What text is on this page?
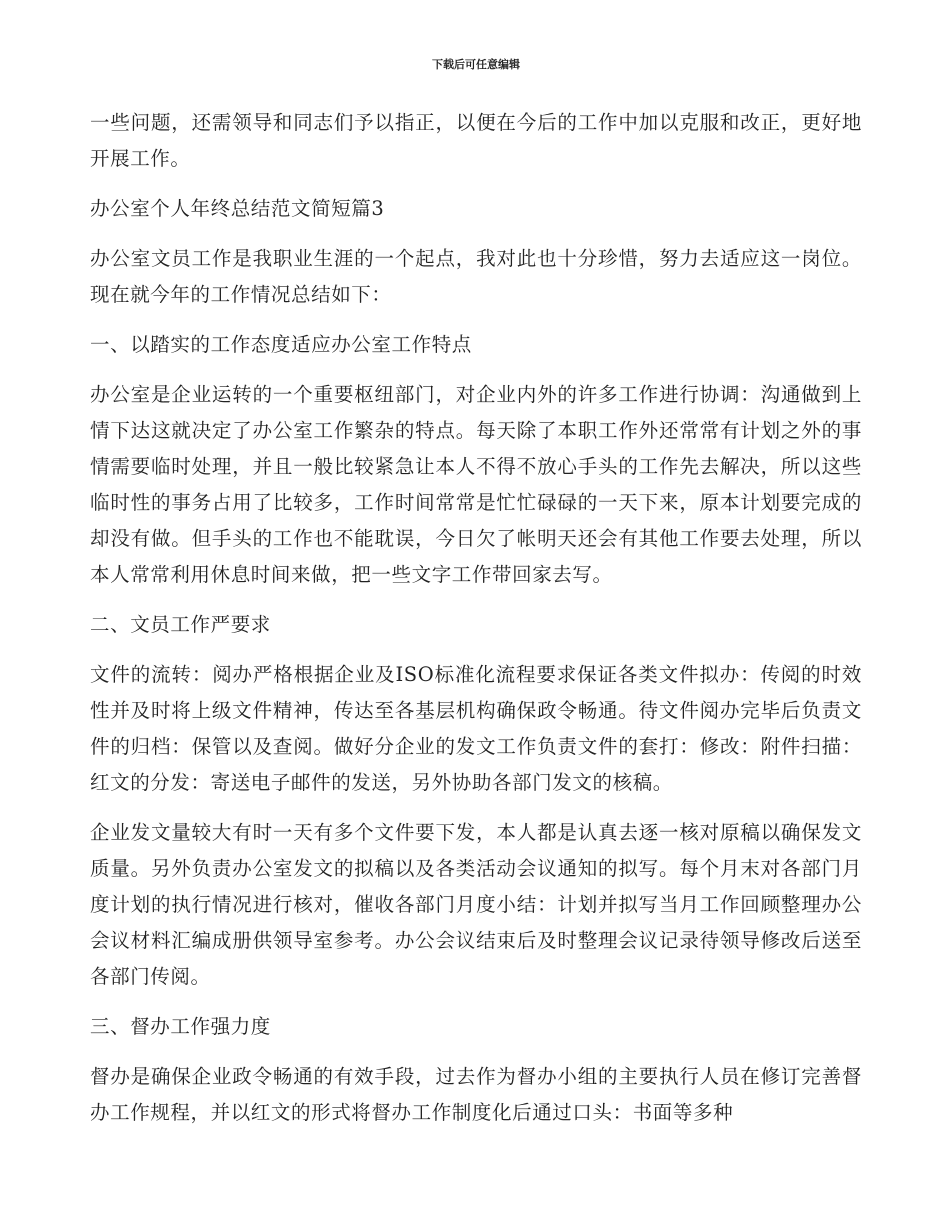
下载后可任意编辑

一些问题，还需领导和同志们予以指正，以便在今后的工作中加以克服和改正，更好地开展工作。

办公室个人年终总结范文简短篇3

办公室文员工作是我职业生涯的一个起点，我对此也十分珍惜，努力去适应这一岗位。现在就今年的工作情况总结如下：

一、以踏实的工作态度适应办公室工作特点

办公室是企业运转的一个重要枢纽部门，对企业内外的许多工作进行协调：沟通做到上情下达这就决定了办公室工作繁杂的特点。每天除了本职工作外还常常有计划之外的事情需要临时处理，并且一般比较紧急让本人不得不放心手头的工作先去解决，所以这些临时性的事务占用了比较多，工作时间常常是忙忙碌碌的一天下来，原本计划要完成的却没有做。但手头的工作也不能耽误，今日欠了帐明天还会有其他工作要去处理，所以本人常常利用休息时间来做，把一些文字工作带回家去写。

二、文员工作严要求

文件的流转：阅办严格根据企业及ISO标准化流程要求保证各类文件拟办：传阅的时效性并及时将上级文件精神，传达至各基层机构确保政令畅通。待文件阅办完毕后负责文件的归档：保管以及查阅。做好分企业的发文工作负责文件的套打：修改：附件扫描：红文的分发：寄送电子邮件的发送，另外协助各部门发文的核稿。

企业发文量较大有时一天有多个文件要下发，本人都是认真去逐一核对原稿以确保发文质量。另外负责办公室发文的拟稿以及各类活动会议通知的拟写。每个月末对各部门月度计划的执行情况进行核对，催收各部门月度小结：计划并拟写当月工作回顾整理办公会议材料汇编成册供领导室参考。办公会议结束后及时整理会议记录待领导修改后送至各部门传阅。

三、督办工作强力度

督办是确保企业政令畅通的有效手段，过去作为督办小组的主要执行人员在修订完善督办工作规程，并以红文的形式将督办工作制度化后通过口头：书面等多种
